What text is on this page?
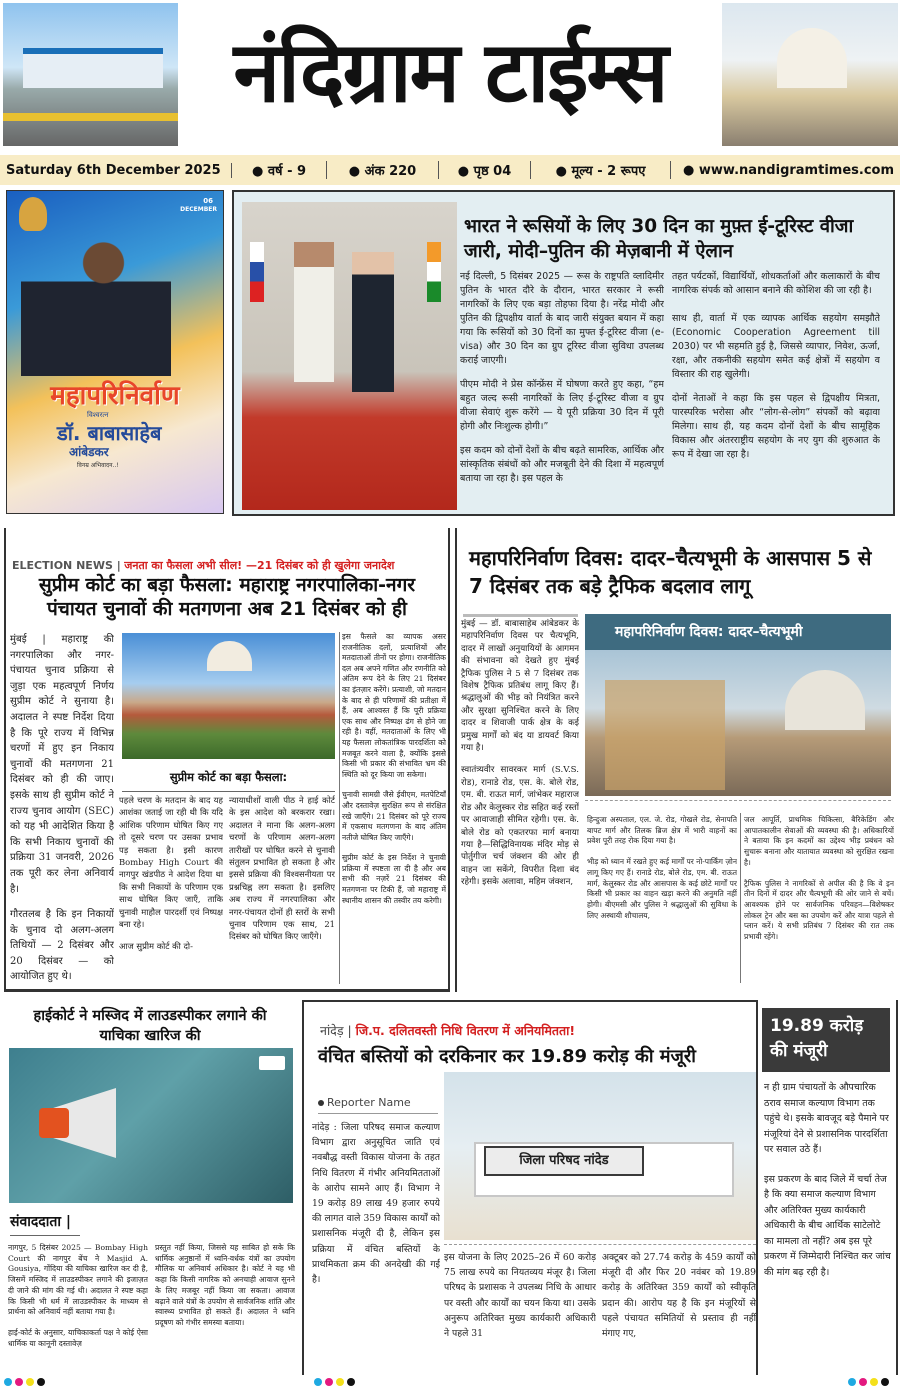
नंदिग्राम टाईम्स
Saturday 6th December 2025	● वर्ष - 9	● अंक 220	● पृष्ठ 04	● मूल्य - 2 रूपए	● www.nandigramtimes.com
06
DECEMBER
महापरिनिर्वाण
विश्वरत्न
डॉ. बाबासाहेब
आंबेडकर
विनम्र अभिवादन..!
भारत ने रूसियों के लिए 30 दिन का मुफ़्त ई-टूरिस्ट वीजा जारी, मोदी–पुतिन की मेज़बानी में ऐलान

नई दिल्ली, 5 दिसंबर 2025 — रूस के राष्ट्रपति व्लादिमीर पुतिन के भारत दौरे के दौरान, भारत सरकार ने रूसी नागरिकों के लिए एक बड़ा तोहफा दिया है। नरेंद्र मोदी और पुतिन की द्विपक्षीय वार्ता के बाद जारी संयुक्त बयान में कहा गया कि रूसियों को 30 दिनों का मुफ्त ई-टूरिस्ट वीजा (e-visa) और 30 दिन का ग्रुप टूरिस्ट वीजा सुविधा उपलब्ध कराई जाएगी।

पीएम मोदी ने प्रेस कॉन्फ्रेंस में घोषणा करते हुए कहा, “हम बहुत जल्द रूसी नागरिकों के लिए ई-टूरिस्ट वीजा व ग्रुप वीजा सेवाएं शुरू करेंगे — ये पूरी प्रक्रिया 30 दिन में पूरी होगी और निःशुल्क होगी।”

इस कदम को दोनों देशों के बीच बढ़ते सामरिक, आर्थिक और सांस्कृतिक संबंधों को और मजबूती देने की दिशा में महत्वपूर्ण बताया जा रहा है। इस पहल के

तहत पर्यटकों, विद्यार्थियों, शोधकर्ताओं और कलाकारों के बीच नागरिक संपर्क को आसान बनाने की कोशिश की जा रही है।

साथ ही, वार्ता में एक व्यापक आर्थिक सहयोग समझौते (Economic Cooperation Agreement till 2030) पर भी सहमति हुई है, जिससे व्यापार, निवेश, ऊर्जा, रक्षा, और तकनीकी सहयोग समेत कई क्षेत्रों में सहयोग व विस्तार की राह खुलेगी।

दोनों नेताओं ने कहा कि इस पहल से द्विपक्षीय मित्रता, पारस्परिक भरोसा और “लोग-से-लोग” संपर्कों को बढ़ावा मिलेगा। साथ ही, यह कदम दोनों देशों के बीच सामूहिक विकास और अंतरराष्ट्रीय सहयोग के नए युग की शुरुआत के रूप में देखा जा रहा है।

ELECTION NEWS | जनता का फैसला अभी सील! —21 दिसंबर को ही खुलेगा जनादेश
सुप्रीम कोर्ट का बड़ा फैसला: महाराष्ट्र नगरपालिका-नगर पंचायत चुनावों की मतगणना अब 21 दिसंबर को ही

मुंबई | महाराष्ट्र की नगरपालिका और नगर-पंचायत चुनाव प्रक्रिया से जुड़ा एक महत्वपूर्ण निर्णय सुप्रीम कोर्ट ने सुनाया है। अदालत ने स्पष्ट निर्देश दिया है कि पूरे राज्य में विभिन्न चरणों में हुए इन निकाय चुनावों की मतगणना 21 दिसंबर को ही की जाए। इसके साथ ही सुप्रीम कोर्ट ने राज्य चुनाव आयोग (SEC) को यह भी आदेशित किया है कि सभी निकाय चुनावों की प्रक्रिया 31 जनवरी, 2026 तक पूरी कर लेना अनिवार्य है।

गौरतलब है कि इन निकायों के चुनाव दो अलग-अलग तिथियों — 2 दिसंबर और 20 दिसंबर — को आयोजित हुए थे।

सुप्रीम कोर्ट का बड़ा फैसला:

पहले चरण के मतदान के बाद यह आशंका जताई जा रही थी कि यदि आंशिक परिणाम घोषित किए गए तो दूसरे चरण पर उसका प्रभाव पड़ सकता है। इसी कारण Bombay High Court की नागपुर खंडपीठ ने आदेश दिया था कि सभी निकायों के परिणाम एक साथ घोषित किए जाएँ, ताकि चुनावी माहौल पारदर्शी एवं निष्पक्ष बना रहे।

आज सुप्रीम कोर्ट की दो-

न्यायाधीशों वाली पीठ ने हाई कोर्ट के इस आदेश को बरकरार रखा। अदालत ने माना कि अलग-अलग चरणों के परिणाम अलग-अलग तारीखों पर घोषित करने से चुनावी संतुलन प्रभावित हो सकता है और इससे प्रक्रिया की विश्वसनीयता पर प्रश्नचिह्न लग सकता है। इसलिए अब राज्य में नगरपालिका और नगर-पंचायत दोनों ही स्तरों के सभी चुनाव परिणाम एक साथ, 21 दिसंबर को घोषित किए जाएँगे।

इस फैसले का व्यापक असर राजनीतिक दलों, प्रत्याशियों और मतदाताओं तीनों पर होगा। राजनीतिक दल अब अपने गणित और रणनीति को अंतिम रूप देने के लिए 21 दिसंबर का इंतज़ार करेंगे। प्रत्याशी, जो मतदान के बाद से ही परिणामों की प्रतीक्षा में हैं, अब आश्वस्त हैं कि पूरी प्रक्रिया एक साथ और निष्पक्ष ढंग से होने जा रही है। वहीं, मतदाताओं के लिए भी यह फैसला लोकतांत्रिक पारदर्शिता को मजबूत करने वाला है, क्योंकि इससे किसी भी प्रकार की संभावित भ्रम की स्थिति को दूर किया जा सकेगा।

चुनावी सामग्री जैसे ईवीएम, मतपेटियाँ और दस्तावेज़ सुरक्षित रूप से संरक्षित रखे जाएँगे। 21 दिसंबर को पूरे राज्य में एकसाथ मतगणना के बाद अंतिम नतीजे घोषित किए जाएँगे।

सुप्रीम कोर्ट के इस निर्देश ने चुनावी प्रक्रिया में स्पष्टता ला दी है और अब सभी की नज़रें 21 दिसंबर की मतगणना पर टिकी हैं, जो महाराष्ट्र में स्थानीय शासन की तस्वीर तय करेगी।

महापरिनिर्वाण दिवस: दादर–चैत्यभूमी के आसपास 5 से 7 दिसंबर तक बड़े ट्रैफिक बदलाव लागू

मुंबई — डॉ. बाबासाहेब आंबेडकर के महापरिनिर्वाण दिवस पर चैत्यभूमि, दादर में लाखों अनुयायियों के आगमन की संभावना को देखते हुए मुंबई ट्रैफिक पुलिस ने 5 से 7 दिसंबर तक विशेष ट्रैफिक प्रतिबंध लागू किए हैं। श्रद्धालुओं की भीड़ को नियंत्रित करने और सुरक्षा सुनिश्चित करने के लिए दादर व शिवाजी पार्क क्षेत्र के कई प्रमुख मार्गों को बंद या डायवर्ट किया गया है।

स्वातंत्र्यवीर सावरकर मार्ग (S.V.S. रोड), रानाडे रोड, एस. के. बोले रोड, एम. बी. राऊत मार्ग, जांभेकर महाराज रोड और केलुस्कर रोड सहित कई रस्तों पर आवाजाही सीमित रहेगी। एस. के. बोले रोड को एकतरफा मार्ग बनाया गया है—सिद्धिविनायक मंदिर मोड़ से पोर्तुगीज चर्च जंक्शन की ओर ही वाहन जा सकेंगे, विपरीत दिशा बंद रहेगी। इसके अलावा, महिम जंक्शन,

महापरिनिर्वाण दिवस: दादर–चैत्यभूमी

हिन्दुजा अस्पताल, एल. जे. रोड, गोखले रोड, सेनापति बापट मार्ग और तिलक ब्रिज क्षेत्र में भारी वाहनों का प्रवेश पूरी तरह रोक दिया गया है।

भीड़ को ध्यान में रखते हुए कई मार्गों पर नो-पार्किंग ज़ोन लागू किए गए हैं। रानाडे रोड, बोले रोड, एम. बी. राऊत मार्ग, केलुस्कर रोड और आसपास के कई छोटे मार्गों पर किसी भी प्रकार का वाहन खड़ा करने की अनुमति नहीं होगी। बीएमसी और पुलिस ने श्रद्धालुओं की सुविधा के लिए अस्थायी शौचालय,

जल आपूर्ति, प्राथमिक चिकित्सा, बैरिकेडिंग और आपातकालीन सेवाओं की व्यवस्था की है। अधिकारियों ने बताया कि इन कदमों का उद्देश्य भीड़ प्रबंधन को सुचारू बनाना और यातायात व्यवस्था को सुरक्षित रखना है।

ट्रैफिक पुलिस ने नागरिकों से अपील की है कि वे इन तीन दिनों में दादर और चैत्यभूमी की ओर जाने से बचें। आवश्यक होने पर सार्वजनिक परिवहन—विशेषकर लोकल ट्रेन और बस का उपयोग करें और यात्रा पहले से प्लान करें। ये सभी प्रतिबंध 7 दिसंबर की रात तक प्रभावी रहेंगे।

हाईकोर्ट ने मस्जिद में लाउडस्पीकर लगाने की याचिका खारिज की
संवाददाता |

नागपुर, 5 दिसंबर 2025 — Bombay High Court की नागपुर बेंच ने Masjid A. Gousiya, गोंदिया की याचिका खारिज कर दी है, जिसमें मस्जिद में लाउडस्पीकर लगाने की इजाज़त दी जाने की मांग की गई थी। अदालत ने स्पष्ट कहा कि किसी भी धर्म में लाउडस्पीकर के माध्यम से प्रार्थना को अनिवार्य नहीं बताया गया है।

हाई-कोर्ट के अनुसार, याचिकाकर्ता पक्ष ने कोई ऐसा धार्मिक या कानूनी दस्तावेज़

प्रस्तुत नहीं किया, जिससे यह साबित हो सके कि धार्मिक अनुष्ठानों में ध्वनि-वर्धक यंत्रों का उपयोग मौलिक या अनिवार्य अधिकार है। कोर्ट ने यह भी कहा कि किसी नागरिक को अनचाही आवाज सुनने के लिए मजबूर नहीं किया जा सकता। आवाज बढ़ाने वाले यंत्रों के उपयोग से सार्वजनिक शांति और स्वास्थ्य प्रभावित हो सकते हैं। अदालत ने ध्वनि प्रदूषण को गंभीर समस्या बताया।

नांदेड़ | जि.प. दलितवस्ती निधि वितरण में अनियमितता!
वंचित बस्तियों को दरकिनार कर 19.89 करोड़ की मंजूरी
Reporter Name

नांदेड़ : जिला परिषद समाज कल्याण विभाग द्वारा अनुसूचित जाति एवं नवबौद्ध वस्ती विकास योजना के तहत निधि वितरण में गंभीर अनियमितताओं के आरोप सामने आए हैं। विभाग ने 19 करोड़ 89 लाख 49 हजार रुपये की लागत वाले 359 विकास कार्यों को प्रशासनिक मंजूरी दी है, लेकिन इस प्रक्रिया में वंचित बस्तियों के प्राथमिकता क्रम की अनदेखी की गई है।

जिला परिषद नांदेड

इस योजना के लिए 2025–26 में 60 करोड़ 75 लाख रुपये का नियतव्यय मंजूर है। जिला परिषद के प्रशासक ने उपलब्ध निधि के आधार पर वस्ती और कार्यों का चयन किया था। उसके अनुरूप अतिरिक्त मुख्य कार्यकारी अधिकारी ने पहले 31

अक्टूबर को 27.74 करोड़ के 459 कार्यों को मंजूरी दी और फिर 20 नवंबर को 19.89 करोड़ के अतिरिक्त 359 कार्यों को स्वीकृति प्रदान की। आरोप यह है कि इन मंजूरियों से पहले पंचायत समितियों से प्रस्ताव ही नहीं मंगाए गए,

19.89 करोड़ की मंजूरी

न ही ग्राम पंचायतों के औपचारिक ठराव समाज कल्याण विभाग तक पहुंचे थे। इसके बावजूद बड़े पैमाने पर मंजूरियां देने से प्रशासनिक पारदर्शिता पर सवाल उठे हैं।

इस प्रकरण के बाद जिले में चर्चा तेज है कि क्या समाज कल्याण विभाग और अतिरिक्त मुख्य कार्यकारी अधिकारी के बीच आर्थिक साटेलोटे का मामला तो नहीं? अब इस पूरे प्रकरण में जिम्मेदारी निश्चित कर जांच की मांग बढ़ रही है।
